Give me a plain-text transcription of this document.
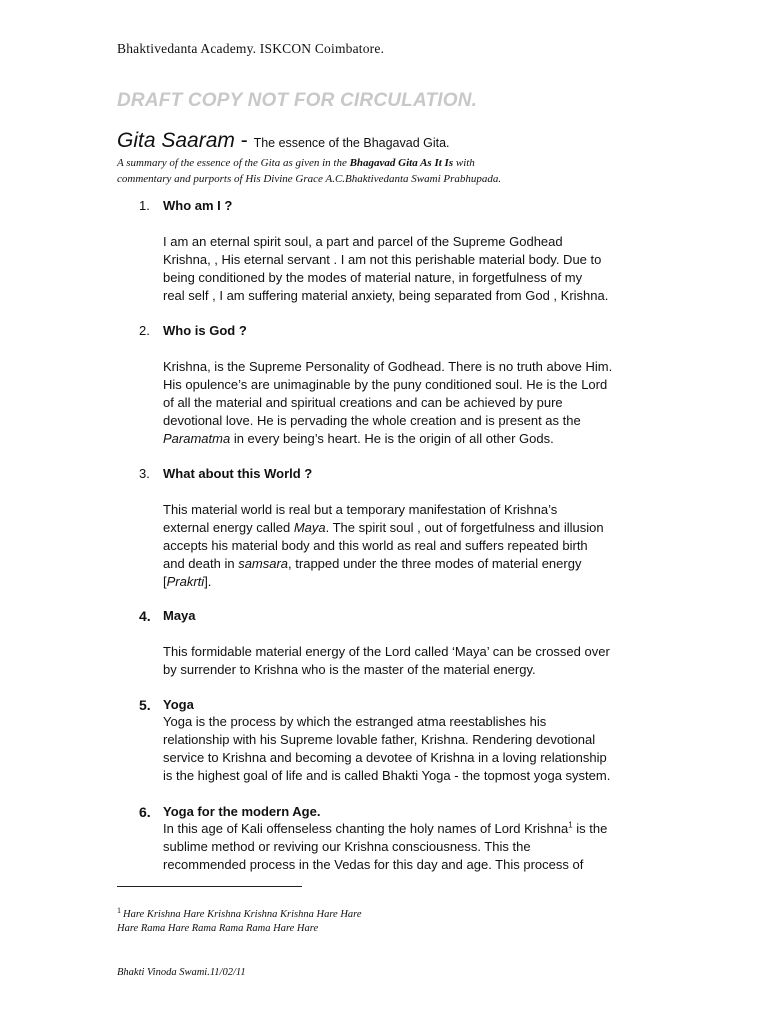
Bhaktivedanta Academy. ISKCON Coimbatore.
DRAFT COPY NOT FOR CIRCULATION.
Gita Saaram - The essence of the Bhagavad Gita.
A summary of the essence of the Gita as given in the Bhagavad Gita As It Is with
commentary and purports of His Divine Grace A.C.Bhaktivedanta Swami Prabhupada.
1.	Who am I ?
I am an eternal spirit soul, a part and parcel of the Supreme Godhead
Krishna, , His eternal servant . I am not this perishable material body. Due to
being conditioned by the modes of material nature, in forgetfulness of my
real self , I am suffering material anxiety, being separated from God , Krishna.
2.	Who is God ?
Krishna, is the Supreme Personality of Godhead. There is no truth above Him.
His opulence’s are unimaginable by the puny conditioned soul. He is the Lord
of all the material and spiritual creations and can be achieved by pure
devotional love. He is pervading the whole creation and is present as the
Paramatma in every being’s heart. He is the origin of all other Gods.
3.	What about this World ?
This material world is real but a temporary manifestation of Krishna’s
external energy called Maya. The spirit soul , out of forgetfulness and illusion
accepts his material body and this world as real and suffers repeated birth
and death in samsara, trapped under the three modes of material energy
[Prakrti].
4. Maya
This formidable material energy of the Lord called ‘Maya’ can be crossed over
by surrender to Krishna who is the master of the material energy.
5. Yoga
Yoga is the process by which the estranged atma reestablishes his
relationship with his Supreme lovable father, Krishna. Rendering devotional
service to Krishna and becoming a devotee of Krishna in a loving relationship
is the highest goal of life and is called Bhakti Yoga - the topmost yoga system.
6. Yoga for the modern Age.
In this age of Kali offenseless chanting the holy names of Lord Krishna$^1$ is the
sublime method or reviving our Krishna consciousness. This the
recommended process in the Vedas for this day and age. This process of
$^1$ Hare Krishna Hare Krishna Krishna Krishna Hare Hare
Hare Rama Hare Rama Rama Rama Hare Hare
Bhakti Vinoda Swami.11/02/11
